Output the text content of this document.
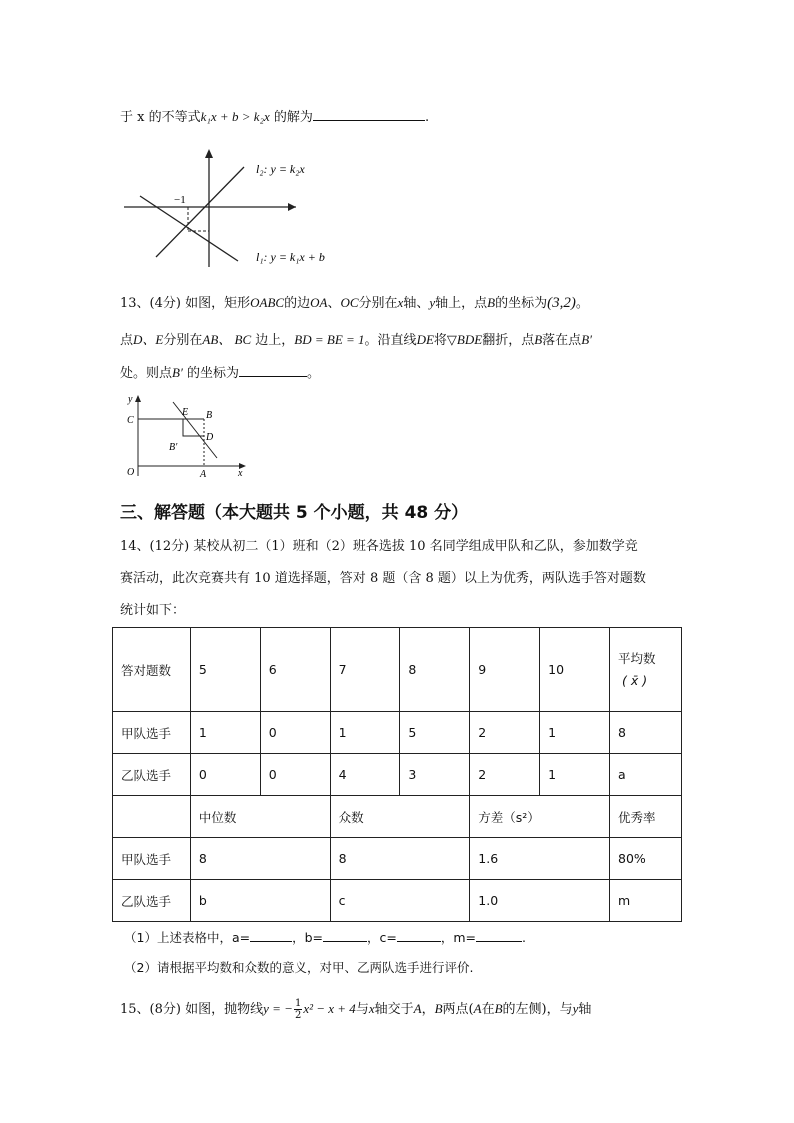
于 x 的不等式k₁x + b > k₂x 的解为	.
−1
l₂: y = k₂x
l₁: y = k₁x + b
13、(4分) 如图，矩形OABC的边OA、OC分别在x轴、y轴上，点B的坐标为(3,2)。
点D、E分别在AB、 BC 边上，BD = BE = 1。沿直线DE将▽BDE翻折，点B落在点B′
处。则点B′ 的坐标为	。
y
x
O	A
C
E B
D
B′
三、解答题（本大题共 5 个小题，共 48 分）
14、(12分) 某校从初二（1）班和（2）班各选拔 10 名同学组成甲队和乙队，参加数学竞
赛活动，此次竞赛共有 10 道选择题，答对 8 题（含 8 题）以上为优秀，两队选手答对题数
统计如下：
答对题数	5	6	7	8	9	10	平均数
( x̄ )

甲队选手	1	0	1	5	2	1	8
乙队选手	0	0	4	3	2	1	a
	中位数		众数		方差（s²）		优秀率
甲队选手	8		8		1.6		80%
乙队选手	b		c		1.0		m
（1）上述表格中，a=	，b=	，c=	，m=	.
（2）请根据平均数和众数的意义，对甲、乙两队选手进行评价.
15、(8分) 如图，抛物线y = − $\frac{1}{2} x^2 - x + 4$与x轴交于A，B两点(A在B的左侧)，与y轴
